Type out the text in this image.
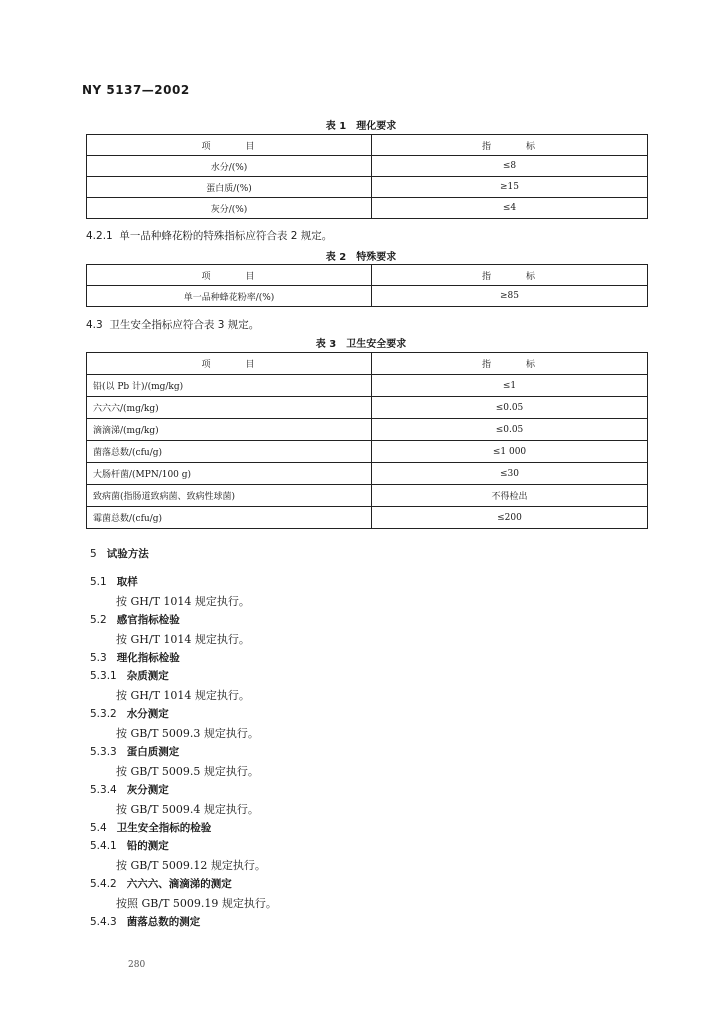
NY 5137—2002
表 1　理化要求
项　　　目	指　　　标
水分/(%)	≤8
蛋白质/(%)	≥15
灰分/(%)	≤4
4.2.1 单一品种蜂花粉的特殊指标应符合表 2 规定。
表 2　特殊要求
项　　　目	指　　　标
单一品种蜂花粉率/(%)	≥85
4.3 卫生安全指标应符合表 3 规定。
表 3　卫生安全要求
项　　　目	指　　　标
铅(以 Pb 计)/(mg/kg)	≤1
六六六/(mg/kg)	≤0.05
滴滴涕/(mg/kg)	≤0.05
菌落总数/(cfu/g)	≤1 000
大肠杆菌/(MPN/100 g)	≤30
致病菌(指肠道致病菌、致病性球菌)	不得检出
霉菌总数/(cfu/g)	≤200
5 试验方法
5.1 取样
按 GH/T 1014 规定执行。
5.2 感官指标检验
按 GH/T 1014 规定执行。
5.3 理化指标检验
5.3.1 杂质测定
按 GH/T 1014 规定执行。
5.3.2 水分测定
按 GB/T 5009.3 规定执行。
5.3.3 蛋白质测定
按 GB/T 5009.5 规定执行。
5.3.4 灰分测定
按 GB/T 5009.4 规定执行。
5.4 卫生安全指标的检验
5.4.1 铅的测定
按 GB/T 5009.12 规定执行。
5.4.2 六六六、滴滴涕的测定
按照 GB/T 5009.19 规定执行。
5.4.3 菌落总数的测定
280
